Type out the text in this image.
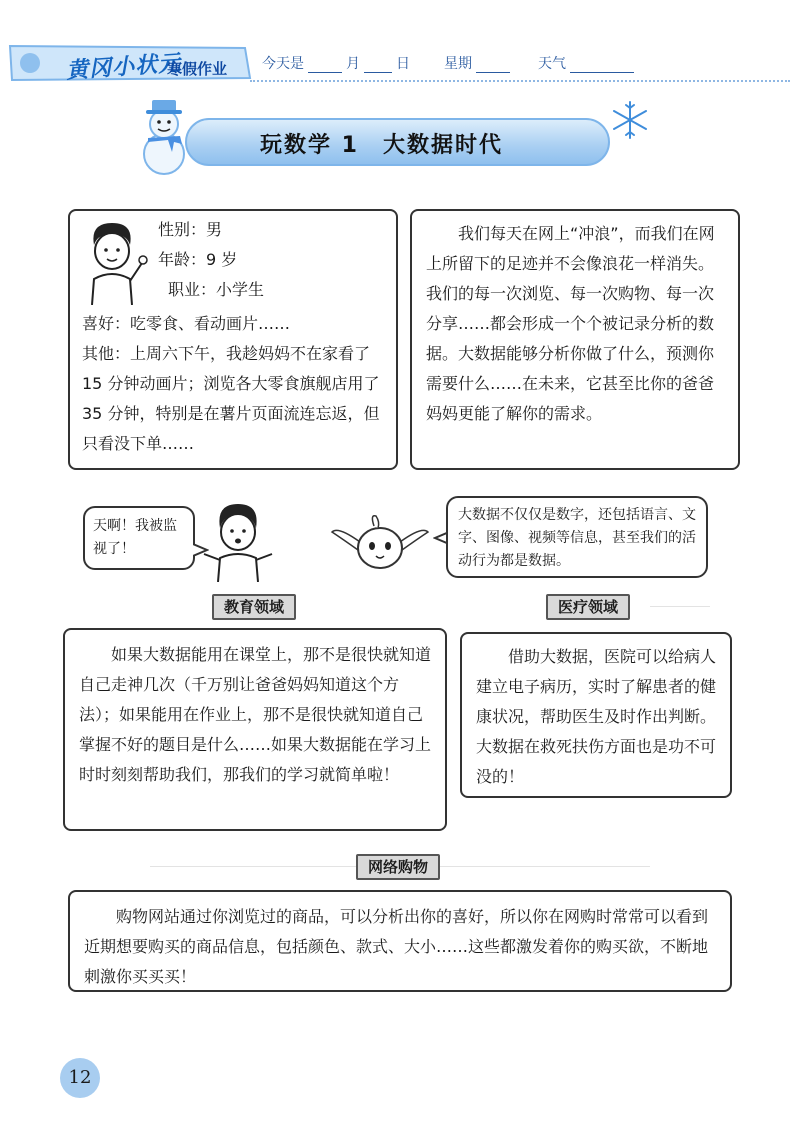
黄冈小状元
寒假作业 今天是	月	日 星期	天气
玩数学 1　大数据时代

性别：男

年龄：9 岁

职业：小学生

喜好：吃零食、看动画片……

其他：上周六下午，我趁妈妈不在家看了 15 分钟动画片；浏览各大零食旗舰店用了 35 分钟，特别是在薯片页面流连忘返，但只看没下单……

我们每天在网上“冲浪”，而我们在网上所留下的足迹并不会像浪花一样消失。我们的每一次浏览、每一次购物、每一次分享……都会形成一个个被记录分析的数据。大数据能够分析你做了什么，预测你需要什么……在未来，它甚至比你的爸爸妈妈更能了解你的需求。

天啊！我被监视了！
大数据不仅仅是数字，还包括语言、文字、图像、视频等信息，甚至我们的活动行为都是数据。
教育领域

如果大数据能用在课堂上，那不是很快就知道自己走神几次（千万别让爸爸妈妈知道这个方法）；如果能用在作业上，那不是很快就知道自己掌握不好的题目是什么……如果大数据能在学习上时时刻刻帮助我们，那我们的学习就简单啦！

医疗领域

借助大数据，医院可以给病人建立电子病历，实时了解患者的健康状况，帮助医生及时作出判断。大数据在救死扶伤方面也是功不可没的！

网络购物

购物网站通过你浏览过的商品，可以分析出你的喜好，所以你在网购时常常可以看到近期想要购买的商品信息，包括颜色、款式、大小……这些都激发着你的购买欲，不断地刺激你买买买！

12
